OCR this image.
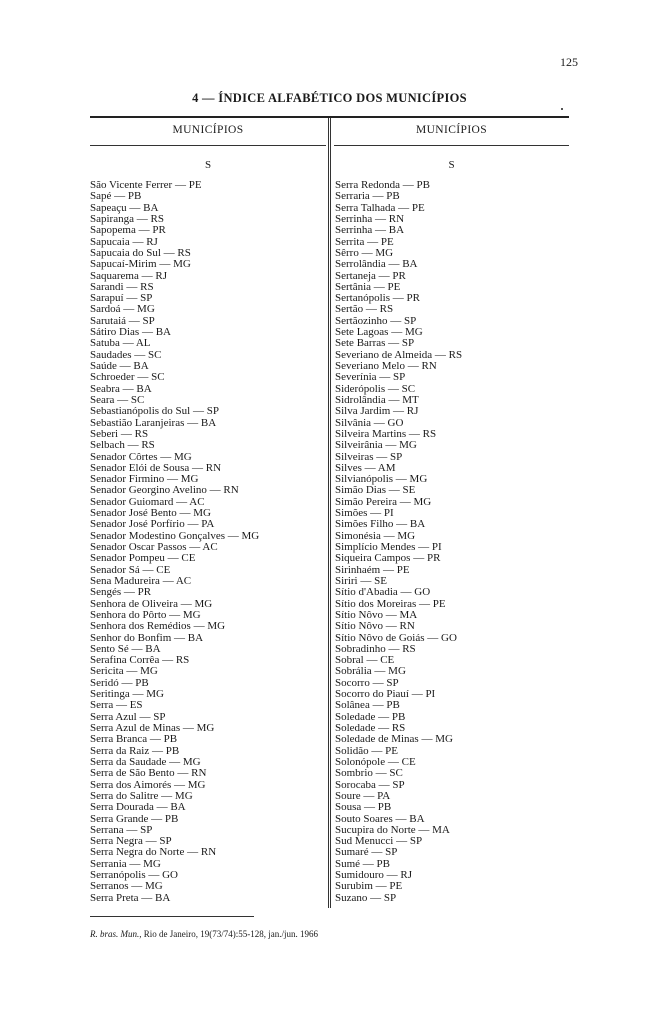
125
4 — ÍNDICE ALFABÉTICO DOS MUNICÍPIOS
MUNICÍPIOS	MUNICÍPIOS
S	S
São Vicente Ferrer — PE
Sapé — PB
Sapeaçu — BA
Sapiranga — RS
Sapopema — PR
Sapucaia — RJ
Sapucaia do Sul — RS
Sapucaí-Mirim — MG
Saquarema — RJ
Sarandi — RS
Sarapuí — SP
Sardoá — MG
Sarutaiá — SP
Sátiro Dias — BA
Satuba — AL
Saudades — SC
Saúde — BA
Schroeder — SC
Seabra — BA
Seara — SC
Sebastianópolis do Sul — SP
Sebastião Laranjeiras — BA
Seberi — RS
Selbach — RS
Senador Côrtes — MG
Senador Elói de Sousa — RN
Senador Firmino — MG
Senador Georgino Avelino — RN
Senador Guiomard — AC
Senador José Bento — MG
Senador José Porfírio — PA
Senador Modestino Gonçalves — MG
Senador Oscar Passos — AC
Senador Pompeu — CE
Senador Sá — CE
Sena Madureira — AC
Sengés — PR
Senhora de Oliveira — MG
Senhora do Pôrto — MG
Senhora dos Remédios — MG
Senhor do Bonfim — BA
Sento Sé — BA
Serafina Corrêa — RS
Sericita — MG
Seridó — PB
Seritinga — MG
Serra — ES
Serra Azul — SP
Serra Azul de Minas — MG
Serra Branca — PB
Serra da Raiz — PB
Serra da Saudade — MG
Serra de São Bento — RN
Serra dos Aimorés — MG
Serra do Salitre — MG
Serra Dourada — BA
Serra Grande — PB
Serrana — SP
Serra Negra — SP
Serra Negra do Norte — RN
Serrania — MG
Serranópolis — GO
Serranos — MG
Serra Preta — BA
Serra Redonda — PB
Serraria — PB
Serra Talhada — PE
Serrinha — RN
Serrinha — BA
Serrita — PE
Sêrro — MG
Serrolândia — BA
Sertaneja — PR
Sertânia — PE
Sertanópolis — PR
Sertão — RS
Sertãozinho — SP
Sete Lagoas — MG
Sete Barras — SP
Severiano de Almeida — RS
Severiano Melo — RN
Severínia — SP
Siderópolis — SC
Sidrolândia — MT
Silva Jardim — RJ
Silvânia — GO
Silveira Martins — RS
Silveirânia — MG
Silveiras — SP
Silves — AM
Silvianópolis — MG
Simão Dias — SE
Simão Pereira — MG
Simões — PI
Simões Filho — BA
Simonésia — MG
Simplício Mendes — PI
Siqueira Campos — PR
Sirinhaém — PE
Siriri — SE
Sítio d'Abadia — GO
Sítio dos Moreiras — PE
Sítio Nôvo — MA
Sítio Nôvo — RN
Sítio Nôvo de Goiás — GO
Sobradinho — RS
Sobral — CE
Sobrália — MG
Socorro — SP
Socorro do Piauí — PI
Solânea — PB
Soledade — PB
Soledade — RS
Soledade de Minas — MG
Solidão — PE
Solonópole — CE
Sombrio — SC
Sorocaba — SP
Soure — PA
Sousa — PB
Souto Soares — BA
Sucupira do Norte — MA
Sud Menucci — SP
Sumaré — SP
Sumé — PB
Sumidouro — RJ
Surubim — PE
Suzano — SP
R. bras. Mun., Rio de Janeiro, 19(73/74):55-128, jan./jun. 1966
